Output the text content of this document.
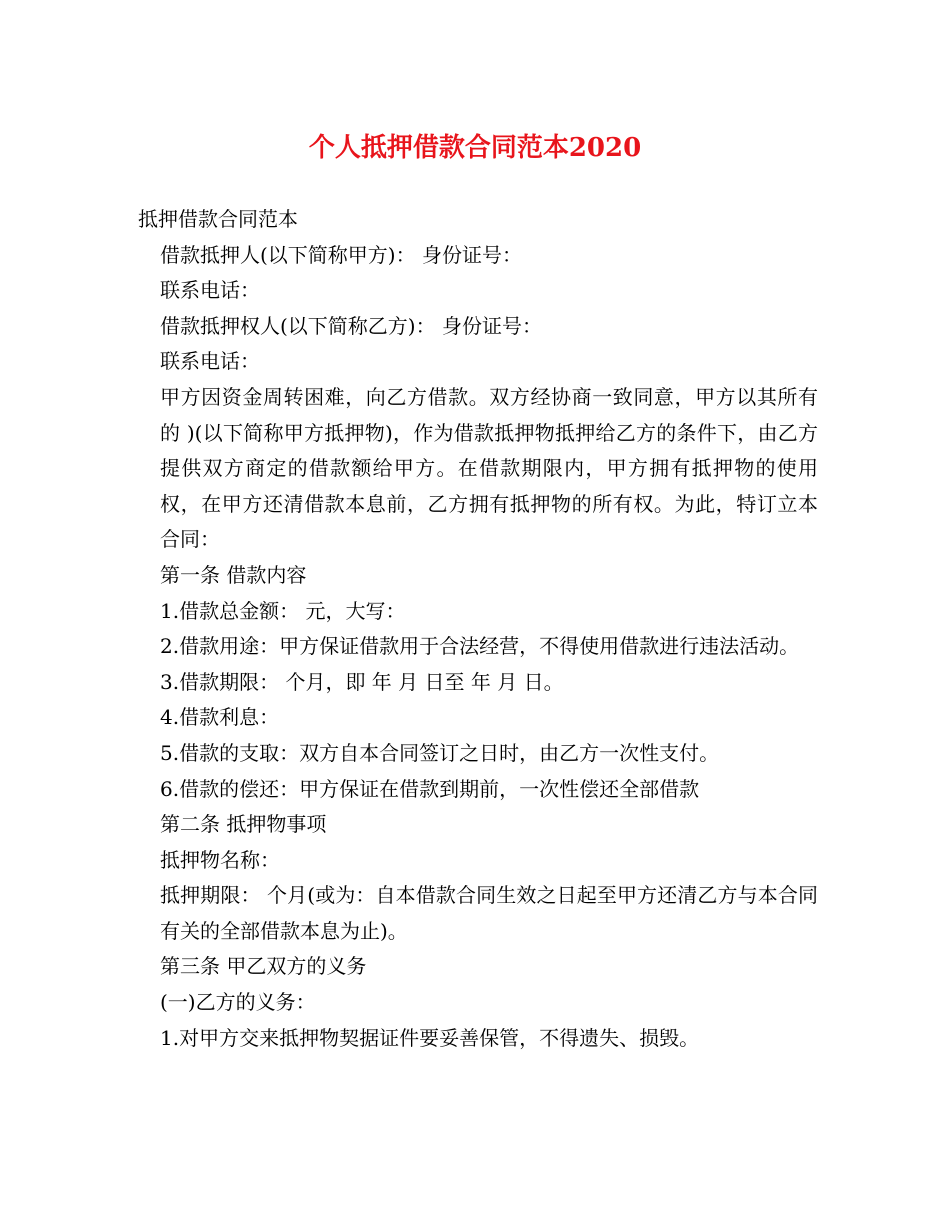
个人抵押借款合同范本2020

抵押借款合同范本

借款抵押人(以下简称甲方)： 身份证号：

联系电话：

借款抵押权人(以下简称乙方)： 身份证号：

联系电话：

甲方因资金周转困难，向乙方借款。双方经协商一致同意，甲方以其所有的 )(以下简称甲方抵押物)，作为借款抵押物抵押给乙方的条件下，由乙方提供双方商定的借款额给甲方。在借款期限内，甲方拥有抵押物的使用权，在甲方还清借款本息前，乙方拥有抵押物的所有权。为此，特订立本合同：

第一条 借款内容

1.借款总金额： 元，大写：

2.借款用途：甲方保证借款用于合法经营，不得使用借款进行违法活动。

3.借款期限： 个月，即 年 月 日至 年 月 日。

4.借款利息：

5.借款的支取：双方自本合同签订之日时，由乙方一次性支付。

6.借款的偿还：甲方保证在借款到期前，一次性偿还全部借款

第二条 抵押物事项

抵押物名称：

抵押期限： 个月(或为：自本借款合同生效之日起至甲方还清乙方与本合同有关的全部借款本息为止)。

第三条 甲乙双方的义务

(一)乙方的义务：

1.对甲方交来抵押物契据证件要妥善保管，不得遗失、损毁。
